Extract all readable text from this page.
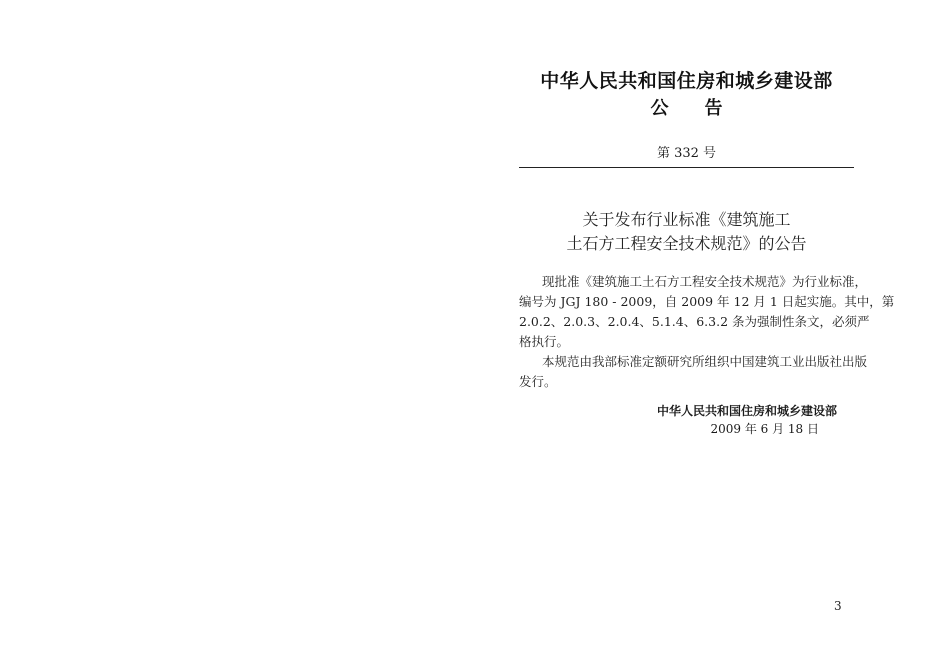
中华人民共和国住房和城乡建设部
公 告
第 332 号
关于发布行业标准《建筑施工
土石方工程安全技术规范》的公告
现批准《建筑施工土石方工程安全技术规范》为行业标准，
编号为 JGJ 180 - 2009，自 2009 年 12 月 1 日起实施。其中，第
2.0.2、2.0.3、2.0.4、5.1.4、6.3.2 条为强制性条文，必须严
格执行。
本规范由我部标准定额研究所组织中国建筑工业出版社出版
发行。
中华人民共和国住房和城乡建设部
2009 年 6 月 18 日
3
